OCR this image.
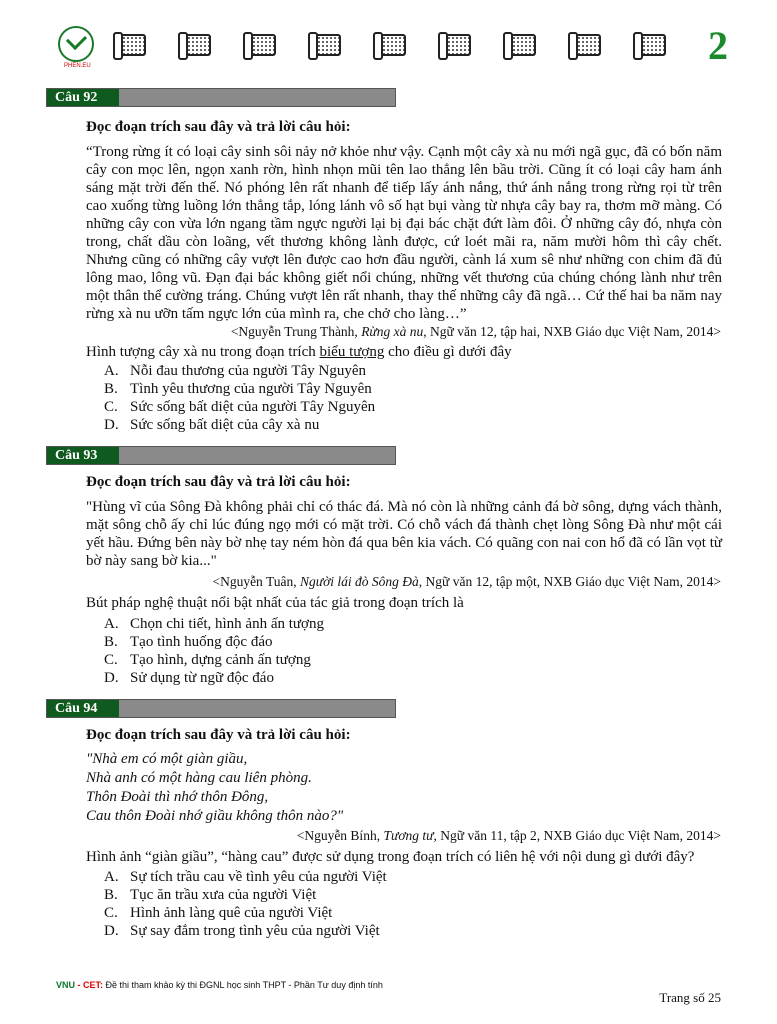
PHEN.EU	2
Câu 92
Đọc đoạn trích sau đây và trả lời câu hỏi:
“Trong rừng ít có loại cây sinh sôi nảy nở khỏe như vậy. Cạnh một cây xà nu mới ngã gục, đã có bốn năm cây con mọc lên, ngọn xanh rờn, hình nhọn mũi tên lao thẳng lên bầu trời. Cũng ít có loại cây ham ánh sáng mặt trời đến thế. Nó phóng lên rất nhanh để tiếp lấy ánh nắng, thứ ánh nắng trong rừng rọi từ trên cao xuống từng luồng lớn thẳng tắp, lóng lánh vô số hạt bụi vàng từ nhựa cây bay ra, thơm mỡ màng. Có những cây con vừa lớn ngang tầm ngực người lại bị đại bác chặt đứt làm đôi. Ở những cây đó, nhựa còn trong, chất dầu còn loãng, vết thương không lành được, cứ loét mãi ra, năm mười hôm thì cây chết. Nhưng cũng có những cây vượt lên được cao hơn đầu người, cành lá xum sê như những con chim đã đủ lông mao, lông vũ. Đạn đại bác không giết nổi chúng, những vết thương của chúng chóng lành như trên một thân thể cường tráng. Chúng vượt lên rất nhanh, thay thế những cây đã ngã… Cứ thế hai ba năm nay rừng xà nu ưỡn tấm ngực lớn của mình ra, che chở cho làng…”
<Nguyễn Trung Thành, Rừng xà nu, Ngữ văn 12, tập hai, NXB Giáo dục Việt Nam, 2014>
Hình tượng cây xà nu trong đoạn trích biểu tượng cho điều gì dưới đây
A. Nỗi đau thương của người Tây Nguyên
B. Tình yêu thương của người Tây Nguyên
C. Sức sống bất diệt của người Tây Nguyên
D. Sức sống bất diệt của cây xà nu
Câu 93
Đọc đoạn trích sau đây và trả lời câu hỏi:
"Hùng vĩ của Sông Đà không phải chỉ có thác đá. Mà nó còn là những cảnh đá bờ sông, dựng vách thành, mặt sông chỗ ấy chỉ lúc đúng ngọ mới có mặt trời. Có chỗ vách đá thành chẹt lòng Sông Đà như một cái yết hầu. Đứng bên này bờ nhẹ tay ném hòn đá qua bên kia vách. Có quãng con nai con hổ đã có lần vọt từ bờ này sang bờ kia..."
<Nguyễn Tuân, Người lái đò Sông Đà, Ngữ văn 12, tập một, NXB Giáo dục Việt Nam, 2014>
Bút pháp nghệ thuật nổi bật nhất của tác giả trong đoạn trích là
A. Chọn chi tiết, hình ảnh ấn tượng
B. Tạo tình huống độc đáo
C. Tạo hình, dựng cảnh ấn tượng
D. Sử dụng từ ngữ độc đáo
Câu 94
Đọc đoạn trích sau đây và trả lời câu hỏi:
"Nhà em có một giàn giầu,
Nhà anh có một hàng cau liên phòng.
Thôn Đoài thì nhớ thôn Đông,
Cau thôn Đoài nhớ giầu không thôn nào?"
<Nguyễn Bính, Tương tư, Ngữ văn 11, tập 2, NXB Giáo dục Việt Nam, 2014>
Hình ảnh “giàn giầu”, “hàng cau” được sử dụng trong đoạn trích có liên hệ với nội dung gì dưới đây?
A. Sự tích trầu cau về tình yêu của người Việt
B. Tục ăn trầu xưa của người Việt
C. Hình ảnh làng quê của người Việt
D. Sự say đắm trong tình yêu của người Việt
VNU - CET: Đề thi tham khảo kỳ thi ĐGNL học sinh THPT - Phần Tư duy định tính
Trang số 25
